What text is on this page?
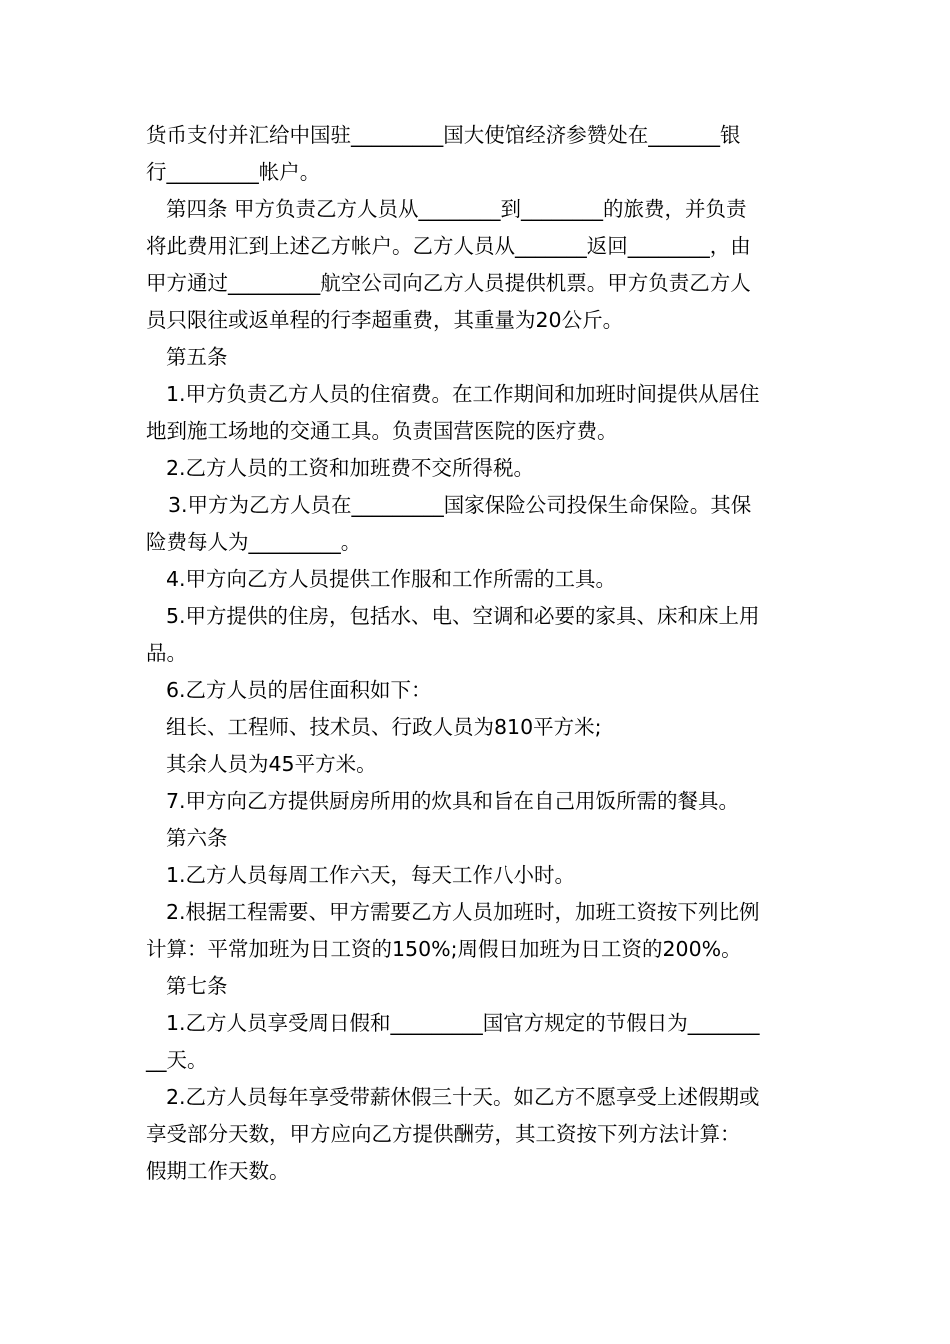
货币支付并汇给中国驻_________国大使馆经济参赞处在_______银
行_________帐户。
第四条 甲方负责乙方人员从________到________的旅费，并负责
将此费用汇到上述乙方帐户。乙方人员从_______返回________，由
甲方通过_________航空公司向乙方人员提供机票。甲方负责乙方人
员只限往或返单程的行李超重费，其重量为20公斤。
第五条
1.甲方负责乙方人员的住宿费。在工作期间和加班时间提供从居住
地到施工场地的交通工具。负责国营医院的医疗费。
2.乙方人员的工资和加班费不交所得税。
3.甲方为乙方人员在_________国家保险公司投保生命保险。其保
险费每人为_________。
4.甲方向乙方人员提供工作服和工作所需的工具。
5.甲方提供的住房，包括水、电、空调和必要的家具、床和床上用
品。
6.乙方人员的居住面积如下：
组长、工程师、技术员、行政人员为810平方米;
其余人员为45平方米。
7.甲方向乙方提供厨房所用的炊具和旨在自己用饭所需的餐具。
第六条
1.乙方人员每周工作六天，每天工作八小时。
2.根据工程需要、甲方需要乙方人员加班时，加班工资按下列比例
计算：平常加班为日工资的150%;周假日加班为日工资的200%。
第七条
1.乙方人员享受周日假和_________国官方规定的节假日为_______
__天。
2.乙方人员每年享受带薪休假三十天。如乙方不愿享受上述假期或
享受部分天数，甲方应向乙方提供酬劳，其工资按下列方法计算：
假期工作天数。
